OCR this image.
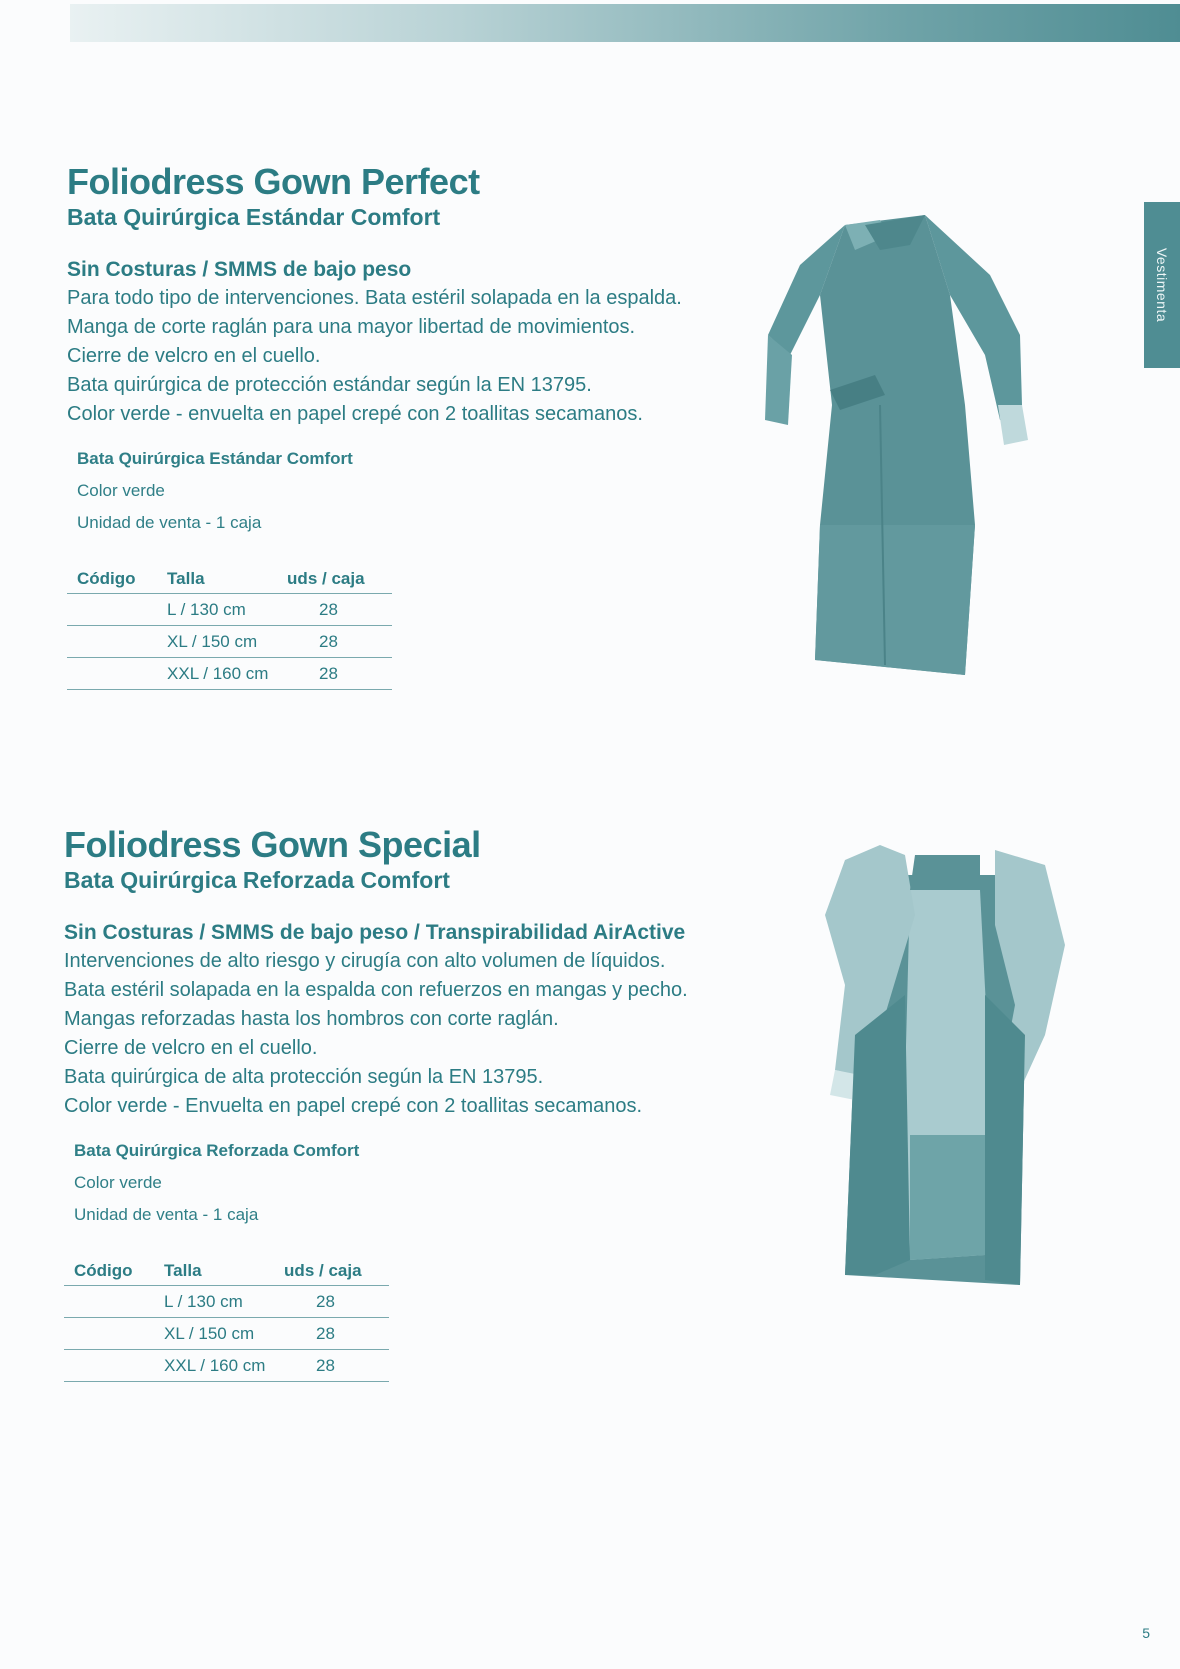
Vestimenta
Foliodress Gown Perfect
Bata Quirúrgica Estándar Comfort
Sin Costuras / SMMS de bajo peso

Para todo tipo de intervenciones. Bata estéril solapada en la espalda.

Manga de corte raglán para una mayor libertad de movimientos.

Cierre de velcro en el cuello.

Bata quirúrgica de protección estándar según la EN 13795.

Color verde - envuelta en papel crepé con 2 toallitas secamanos.

Bata Quirúrgica Estándar Comfort
Color verde
Unidad de venta - 1 caja
Código	Talla	uds / caja
	L / 130 cm	28
	XL / 150 cm	28
	XXL / 160 cm	28
Foliodress Gown Special
Bata Quirúrgica Reforzada Comfort
Sin Costuras / SMMS de bajo peso / Transpirabilidad AirActive

Intervenciones de alto riesgo y cirugía con alto volumen de líquidos.

Bata estéril solapada en la espalda con refuerzos en mangas y pecho.

Mangas reforzadas hasta los hombros con corte raglán.

Cierre de velcro en el cuello.

Bata quirúrgica de alta protección según la EN 13795.

Color verde - Envuelta en papel crepé con 2 toallitas secamanos.

Bata Quirúrgica Reforzada Comfort
Color verde
Unidad de venta - 1 caja
Código	Talla	uds / caja
	L / 130 cm	28
	XL / 150 cm	28
	XXL / 160 cm	28
5
